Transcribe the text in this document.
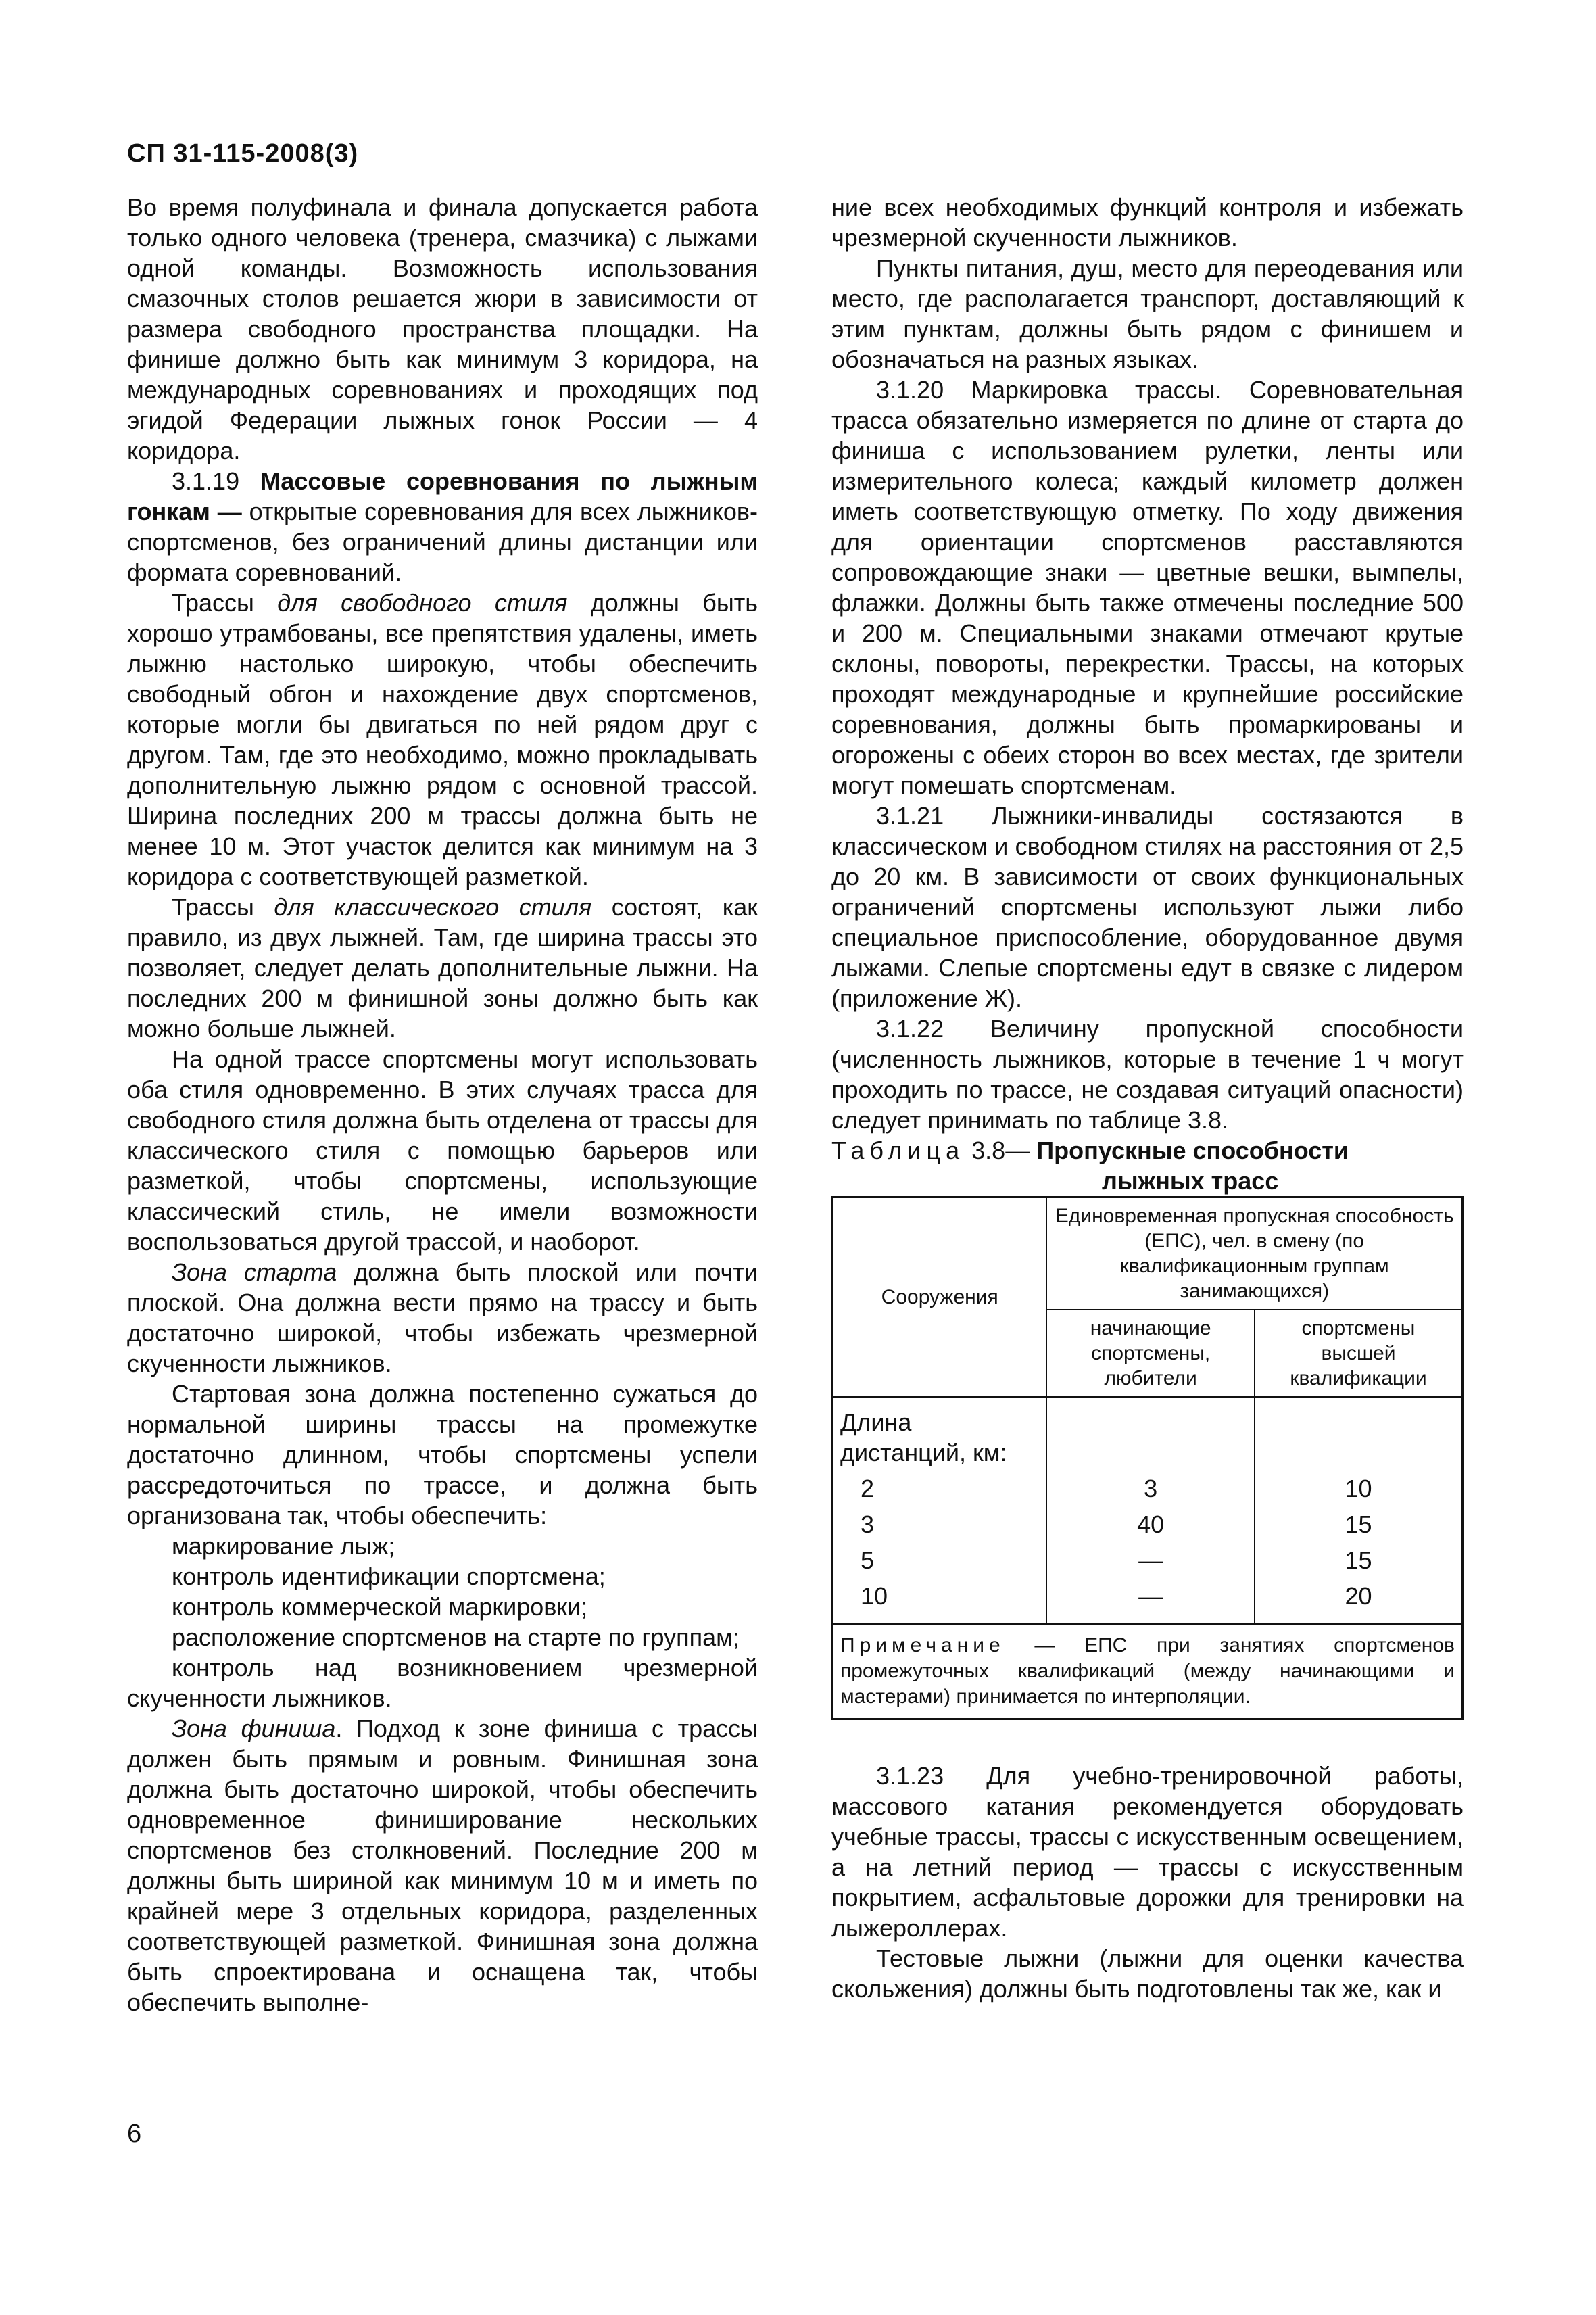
СП 31-115-2008(3)

Во время полуфинала и финала допускается работа только одного человека (тренера, смазчика) с лыжами одной команды. Возможность использования смазочных столов решается жюри в зависимости от размера свободного пространства площадки. На финише должно быть как минимум 3 коридора, на международных соревнованиях и проходящих под эгидой Федерации лыжных гонок России — 4 коридора.

3.1.19 Массовые соревнования по лыжным гонкам — открытые соревнования для всех лыжников-спортсменов, без ограничений длины дистанции или формата соревнований.

Трассы для свободного стиля должны быть хорошо утрамбованы, все препятствия удалены, иметь лыжню настолько широкую, чтобы обеспечить свободный обгон и нахождение двух спортсменов, которые могли бы двигаться по ней рядом друг с другом. Там, где это необходимо, можно прокладывать дополнительную лыжню рядом с основной трассой. Ширина последних 200 м трассы должна быть не менее 10 м. Этот участок делится как минимум на 3 коридора с соответствующей разметкой.

Трассы для классического стиля состоят, как правило, из двух лыжней. Там, где ширина трассы это позволяет, следует делать дополнительные лыжни. На последних 200 м финишной зоны должно быть как можно больше лыжней.

На одной трассе спортсмены могут использовать оба стиля одновременно. В этих случаях трасса для свободного стиля должна быть отделена от трассы для классического стиля с помощью барьеров или разметкой, чтобы спортсмены, использующие классический стиль, не имели возможности воспользоваться другой трассой, и наоборот.

Зона старта должна быть плоской или почти плоской. Она должна вести прямо на трассу и быть достаточно широкой, чтобы избежать чрезмерной скученности лыжников.

Стартовая зона должна постепенно сужаться до нормальной ширины трассы на промежутке достаточно длинном, чтобы спортсмены успели рассредоточиться по трассе, и должна быть организована так, чтобы обеспечить:

маркирование лыж;

контроль идентификации спортсмена;

контроль коммерческой маркировки;

расположение спортсменов на старте по группам;

контроль над возникновением чрезмерной скученности лыжников.

Зона финиша. Подход к зоне финиша с трассы должен быть прямым и ровным. Финишная зона должна быть достаточно широкой, чтобы обеспечить одновременное финиширование нескольких спортсменов без столкновений. Последние 200 м должны быть шириной как минимум 10 м и иметь по крайней мере 3 отдельных коридора, разделенных соответствующей разметкой. Финишная зона должна быть спроектирована и оснащена так, чтобы обеспечить выполне-

ние всех необходимых функций контроля и избежать чрезмерной скученности лыжников.

Пункты питания, душ, место для переодевания или место, где располагается транспорт, доставляющий к этим пунктам, должны быть рядом с финишем и обозначаться на разных языках.

3.1.20 Маркировка трассы. Соревновательная трасса обязательно измеряется по длине от старта до финиша с использованием рулетки, ленты или измерительного колеса; каждый километр должен иметь соответствующую отметку. По ходу движения для ориентации спортсменов расставляются сопровождающие знаки — цветные вешки, вымпелы, флажки. Должны быть также отмечены последние 500 и 200 м. Специальными знаками отмечают крутые склоны, повороты, перекрестки. Трассы, на которых проходят международные и крупнейшие российские соревнования, должны быть промаркированы и огорожены с обеих сторон во всех местах, где зрители могут помешать спортсменам.

3.1.21 Лыжники-инвалиды состязаются в классическом и свободном стилях на расстояния от 2,5 до 20 км. В зависимости от своих функциональных ограничений спортсмены используют лыжи либо специальное приспособление, оборудованное двумя лыжами. Слепые спортсмены едут в связке с лидером (приложение Ж).

3.1.22 Величину пропускной способности (численность лыжников, которые в течение 1 ч могут проходить по трассе, не создавая ситуаций опасности) следует принимать по таблице 3.8.

Таблица 3.8— Пропускные способности
лыжных трасс

Сооружения	Единовременная пропускная способность (ЕПС), чел. в смену (по квалификационным группам занимающихся)	
	начинающие спортсмены, любители	спортсмены высшей квалификации
Длина дистанций, км:		
2	3	10
3	40	15
5	—	15
10	—	20
Примечание — ЕПС при занятиях спортсменов промежуточных квалификаций (между начинающими и мастерами) принимается по интерполяции.		

3.1.23 Для учебно-тренировочной работы, массового катания рекомендуется оборудовать учебные трассы, трассы с искусственным освещением, а на летний период — трассы с искусственным покрытием, асфальтовые дорожки для тренировки на лыжероллерах.

Тестовые лыжни (лыжни для оценки качества скольжения) должны быть подготовлены так же, как и

6
